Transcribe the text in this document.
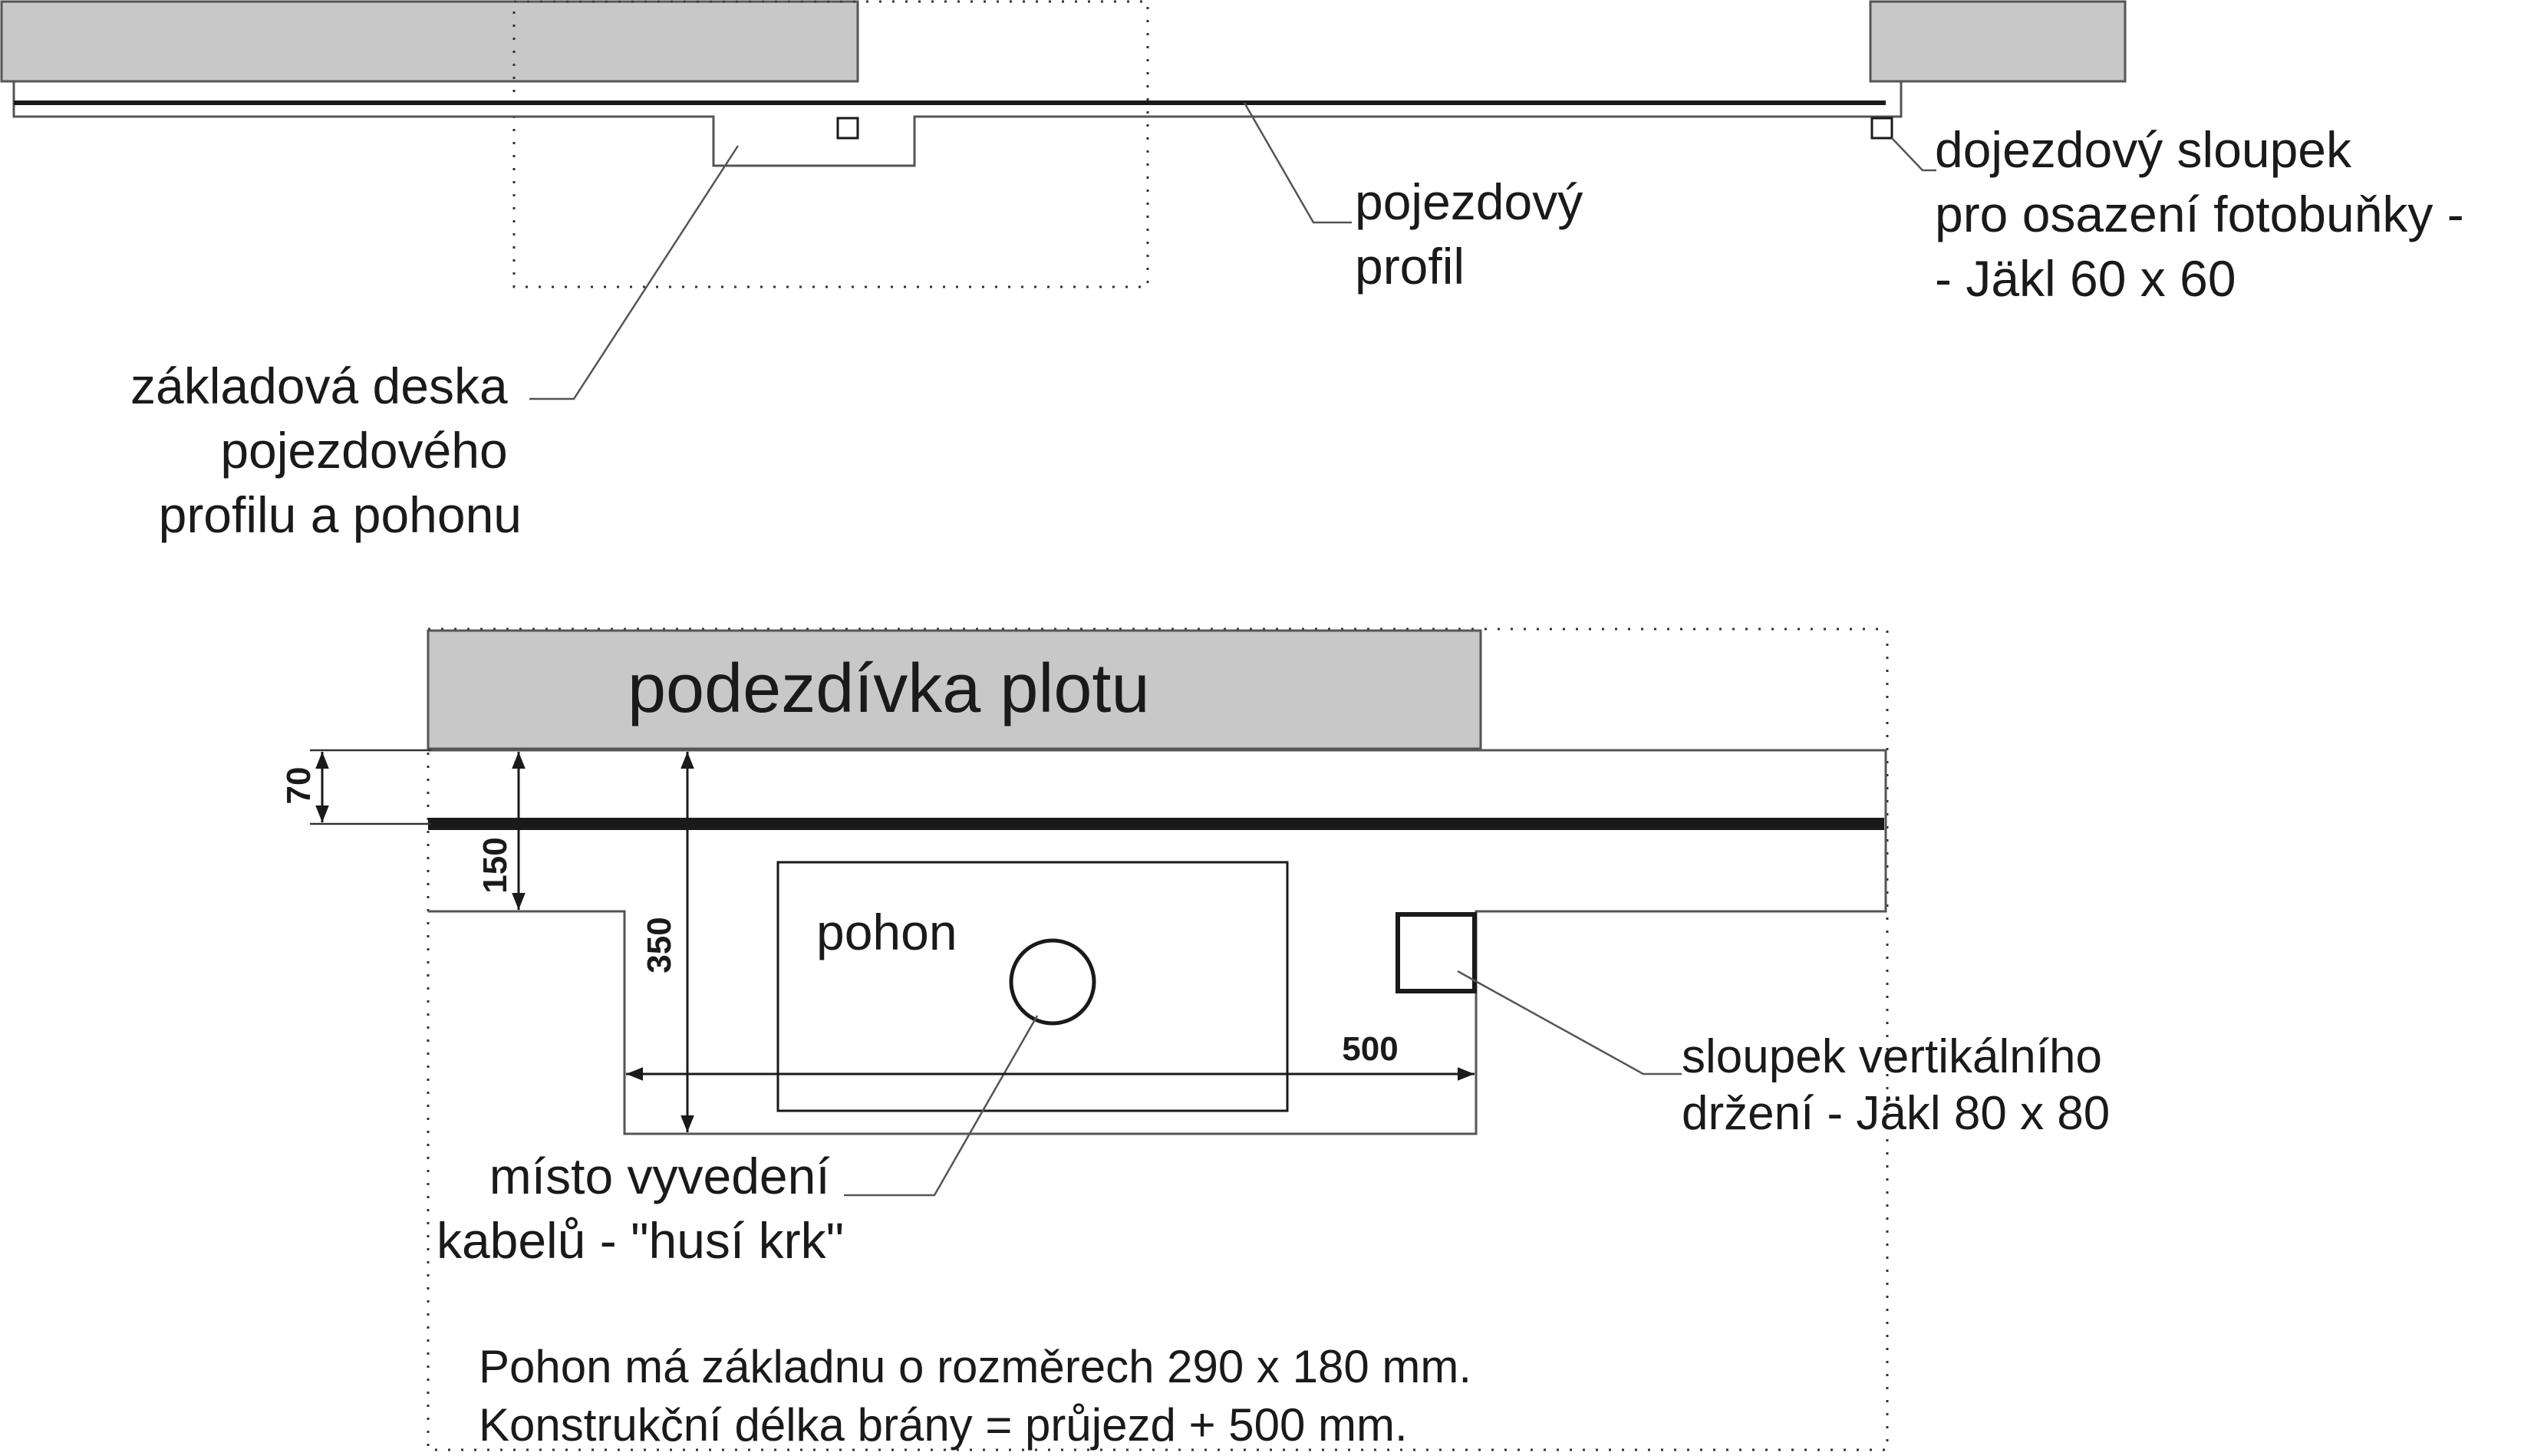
základová deska pojezdového profilu a pohonu
pojezdový profil
dojezdový sloupek pro osazení fotobuňky - - Jäkl 60 x 60
podezdívka plotu
pohon
70
150
350
500
místo vyvedení kabelů - "husí krk"
sloupek vertikálního držení - Jäkl 80 x 80
Pohon má základnu o rozměrech 290 x 180 mm. Konstrukční délka brány = průjezd + 500 mm.
